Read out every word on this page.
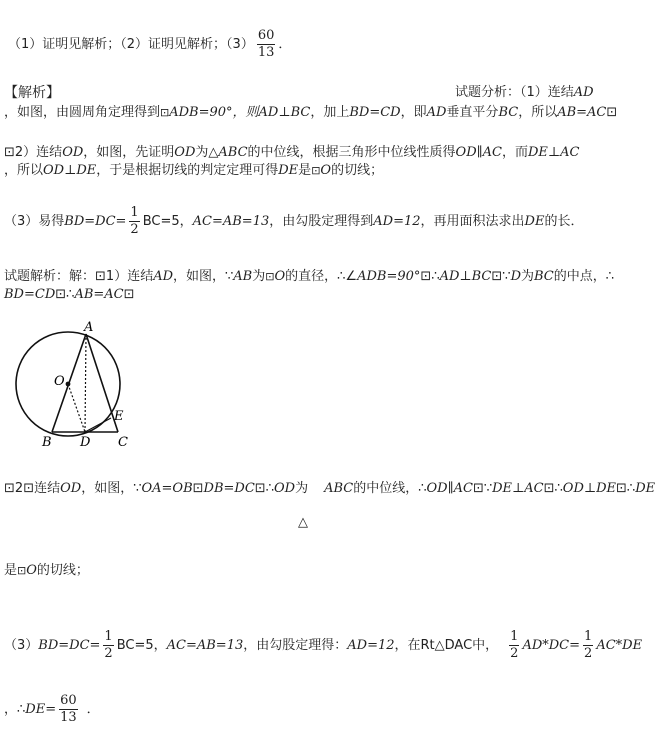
（1）证明见解析；（2）证明见解析；$(3) \frac{60}{13}$ ．
【解析】	试题分析：（1）连结AD
，如图，由圆周角定理得到⊡ADB=90°，则AD⊥BC，加上BD=CD，即AD垂直平分BC，所以AB=AC⊡
⊡2）连结OD，如图，先证明OD为△ABC的中位线，根据三角形中位线性质得OD∥AC，而DE⊥AC
，所以OD⊥DE，于是根据切线的判定定理可得DE是⊡O的切线；
（3）易得$BD=DC= \frac{1}{2} BC=5$，AC=AB=13，由勾股定理得到AD=12，再用面积法求出DE的长．
试题解析：解：⊡1）连结AD，如图，∵AB为⊡O的直径，∴∠ADB=90°⊡∴AD⊥BC⊡∵D为BC的中点，∴
BD=CD⊡∴AB=AC⊡
A
O
E
B D C
⊡2⊡连结OD，如图，∵OA=OB⊡DB=DC⊡∴OD为 ABC的中位线，∴OD∥AC⊡∵DE⊥AC⊡∴OD⊥DE⊡∴DE
△
是⊡O的切线；
$(3)BD=DC= \frac{1}{2} BC=5$，AC=AB=13，由勾股定理得：AD=12，在Rt△DAC中， $\frac{1}{2} AD*DC= \frac{1}{2} AC*DE$
，∴DE= $\frac{60}{13}$ ．
